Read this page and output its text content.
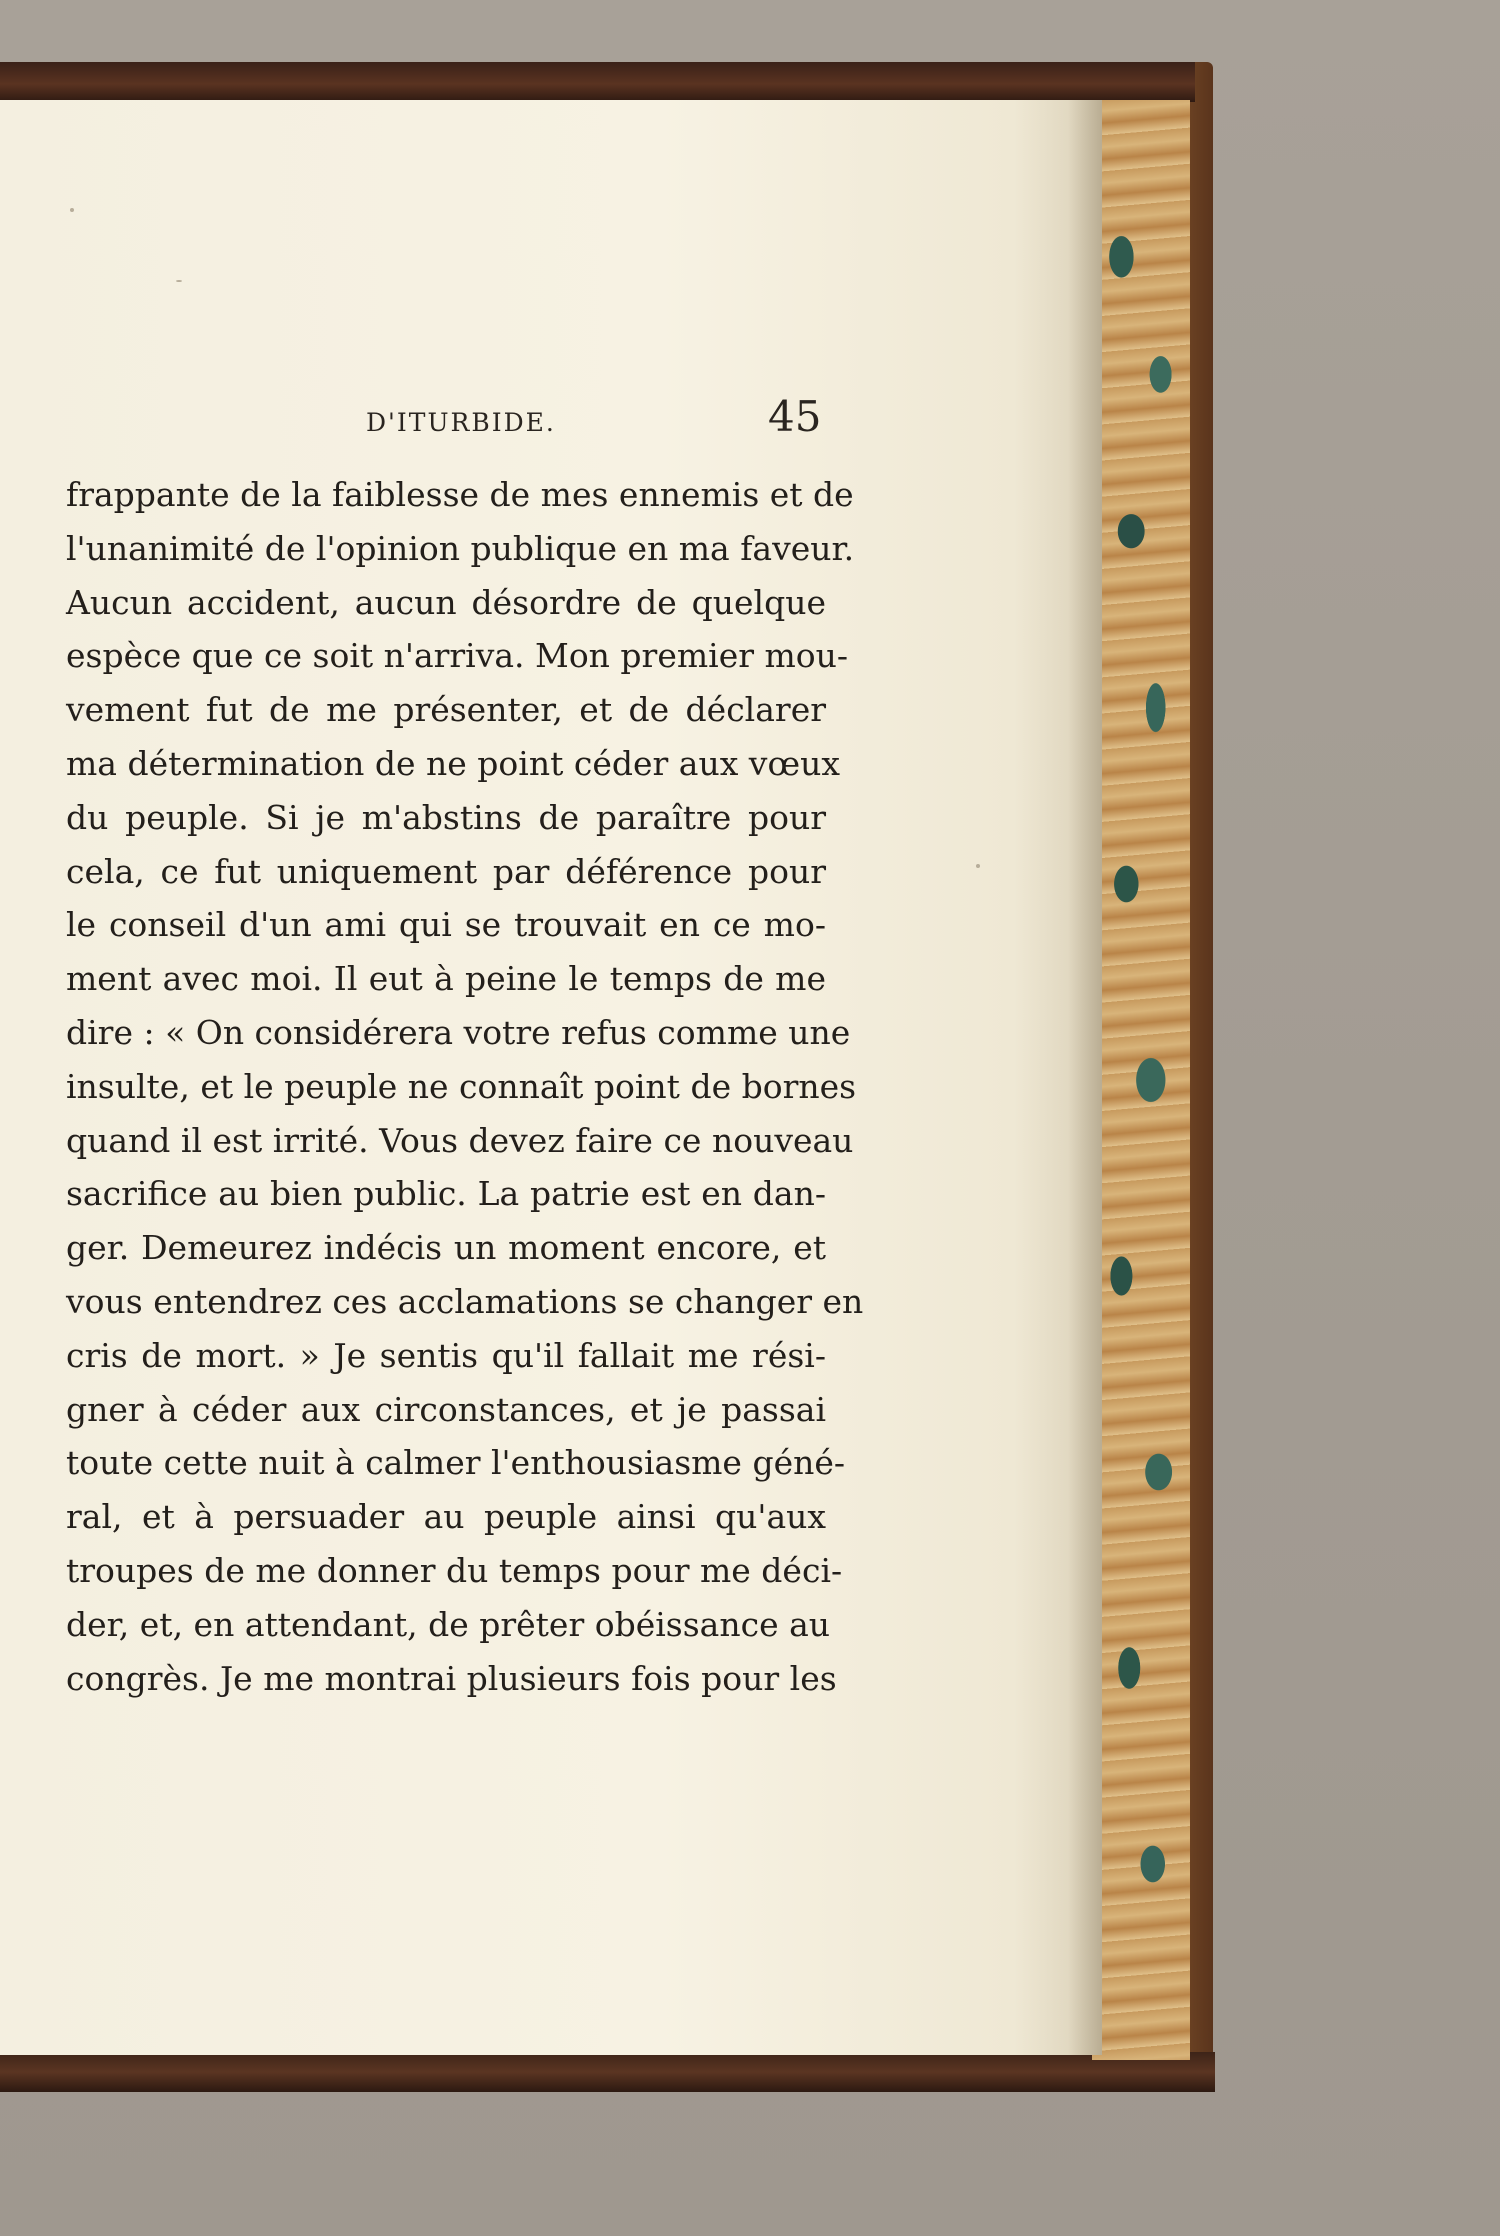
D'ITURBIDE.	45
frappante de la faiblesse de mes ennemis et de
l'unanimité de l'opinion publique en ma faveur.
Aucun accident, aucun désordre de quelque
espèce que ce soit n'arriva. Mon premier mou-
vement fut de me présenter, et de déclarer
ma détermination de ne point céder aux vœux
du peuple. Si je m'abstins de paraître pour
cela, ce fut uniquement par déférence pour
le conseil d'un ami qui se trouvait en ce mo-
ment avec moi. Il eut à peine le temps de me
dire : « On considérera votre refus comme une
insulte, et le peuple ne connaît point de bornes
quand il est irrité. Vous devez faire ce nouveau
sacrifice au bien public. La patrie est en dan-
ger. Demeurez indécis un moment encore, et
vous entendrez ces acclamations se changer en
cris de mort. » Je sentis qu'il fallait me rési-
gner à céder aux circonstances, et je passai
toute cette nuit à calmer l'enthousiasme géné-
ral, et à persuader au peuple ainsi qu'aux
troupes de me donner du temps pour me déci-
der, et, en attendant, de prêter obéissance au
congrès. Je me montrai plusieurs fois pour les
